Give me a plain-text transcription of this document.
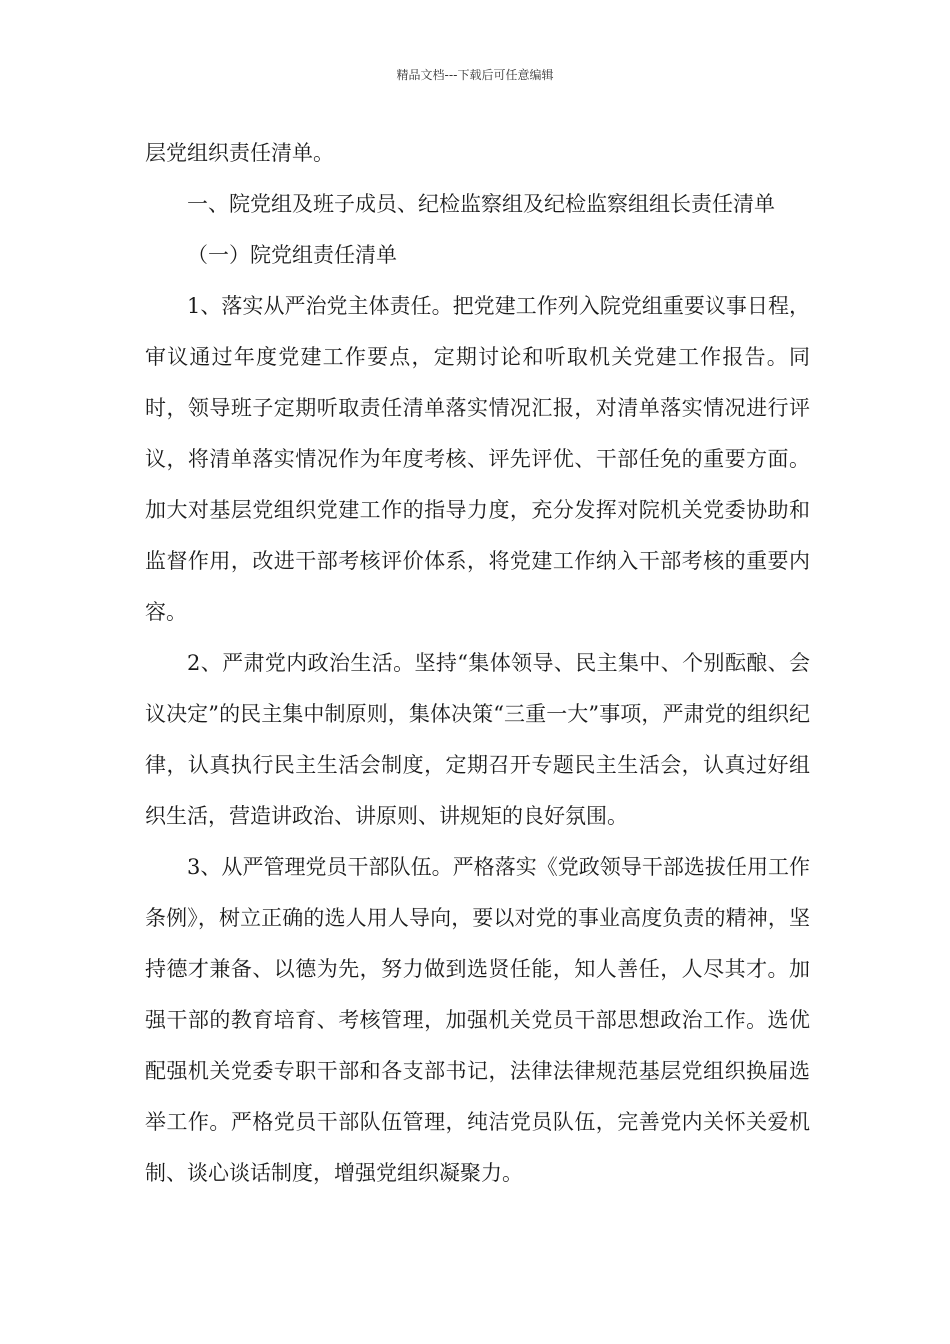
精品文档---下载后可任意编辑

层党组织责任清单。

一、院党组及班子成员、纪检监察组及纪检监察组组长责任清单

（一）院党组责任清单

1、落实从严治党主体责任。把党建工作列入院党组重要议事日程，审议通过年度党建工作要点，定期讨论和听取机关党建工作报告。同时，领导班子定期听取责任清单落实情况汇报，对清单落实情况进行评议，将清单落实情况作为年度考核、评先评优、干部任免的重要方面。加大对基层党组织党建工作的指导力度，充分发挥对院机关党委协助和监督作用，改进干部考核评价体系，将党建工作纳入干部考核的重要内容。

2、严肃党内政治生活。坚持“集体领导、民主集中、个别酝酿、会议决定”的民主集中制原则，集体决策“三重一大”事项，严肃党的组织纪律，认真执行民主生活会制度，定期召开专题民主生活会，认真过好组织生活，营造讲政治、讲原则、讲规矩的良好氛围。

3、从严管理党员干部队伍。严格落实《党政领导干部选拔任用工作条例》，树立正确的选人用人导向，要以对党的事业高度负责的精神，坚持德才兼备、以德为先，努力做到选贤任能，知人善任，人尽其才。加强干部的教育培育、考核管理，加强机关党员干部思想政治工作。选优配强机关党委专职干部和各支部书记，法律法律规范基层党组织换届选举工作。严格党员干部队伍管理，纯洁党员队伍，完善党内关怀关爱机制、谈心谈话制度，增强党组织凝聚力。
